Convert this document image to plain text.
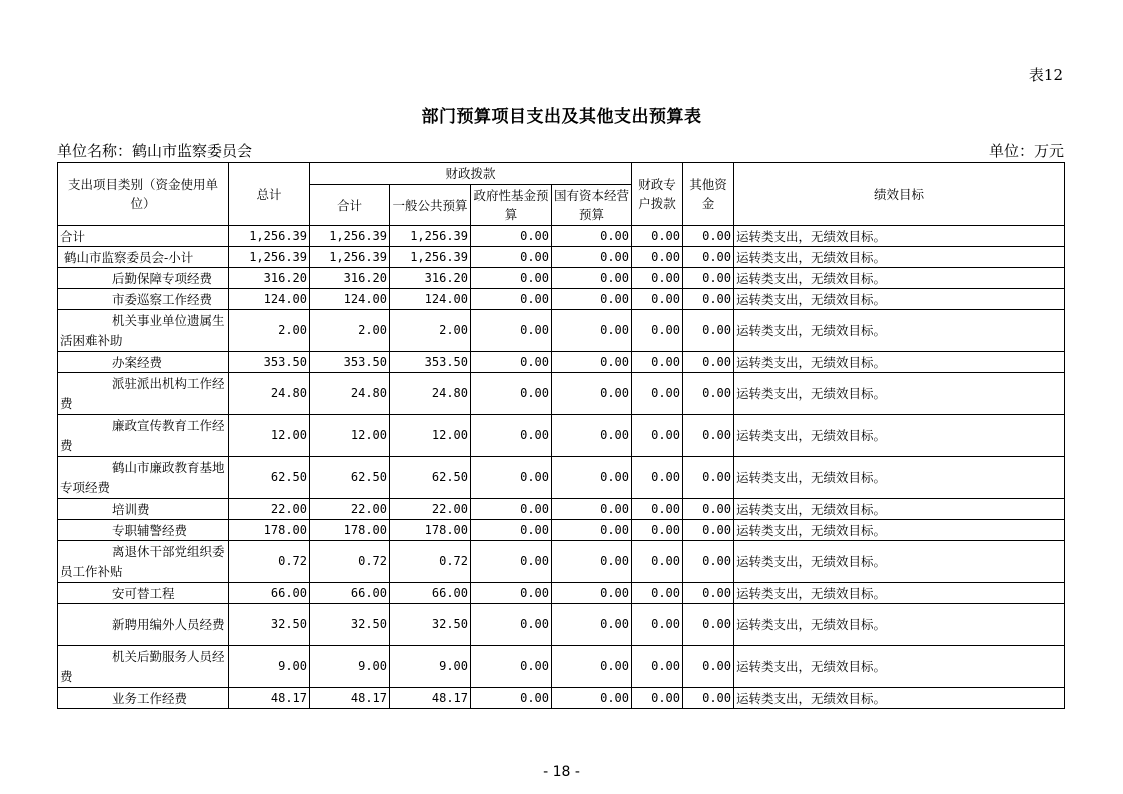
表12
部门预算项目支出及其他支出预算表
单位名称：鹤山市监察委员会	单位：万元
支出项目类别（资金使用单位）	总计	财政拨款				财政专户拨款	其他资金	绩效目标
		合计	一般公共预算	政府性基金预算	国有资本经营预算			
合计	1,256.39	1,256.39	1,256.39	0.00	0.00	0.00	0.00	运转类支出，无绩效目标。
鹤山市监察委员会-小计	1,256.39	1,256.39	1,256.39	0.00	0.00	0.00	0.00	运转类支出，无绩效目标。
后勤保障专项经费	316.20	316.20	316.20	0.00	0.00	0.00	0.00	运转类支出，无绩效目标。
市委巡察工作经费	124.00	124.00	124.00	0.00	0.00	0.00	0.00	运转类支出，无绩效目标。

机关事业单位遗属生活困难补助	2.00	2.00	2.00	0.00	0.00	0.00	0.00	运转类支出，无绩效目标。
办案经费	353.50	353.50	353.50	0.00	0.00	0.00	0.00	运转类支出，无绩效目标。

派驻派出机构工作经费	24.80	24.80	24.80	0.00	0.00	0.00	0.00	运转类支出，无绩效目标。

廉政宣传教育工作经费	12.00	12.00	12.00	0.00	0.00	0.00	0.00	运转类支出，无绩效目标。

鹤山市廉政教育基地专项经费	62.50	62.50	62.50	0.00	0.00	0.00	0.00	运转类支出，无绩效目标。
培训费	22.00	22.00	22.00	0.00	0.00	0.00	0.00	运转类支出，无绩效目标。
专职辅警经费	178.00	178.00	178.00	0.00	0.00	0.00	0.00	运转类支出，无绩效目标。

离退休干部党组织委员工作补贴	0.72	0.72	0.72	0.00	0.00	0.00	0.00	运转类支出，无绩效目标。
安可替工程	66.00	66.00	66.00	0.00	0.00	0.00	0.00	运转类支出，无绩效目标。

新聘用编外人员经费	32.50	32.50	32.50	0.00	0.00	0.00	0.00	运转类支出，无绩效目标。

机关后勤服务人员经费	9.00	9.00	9.00	0.00	0.00	0.00	0.00	运转类支出，无绩效目标。
业务工作经费	48.17	48.17	48.17	0.00	0.00	0.00	0.00	运转类支出，无绩效目标。
- 18 -
